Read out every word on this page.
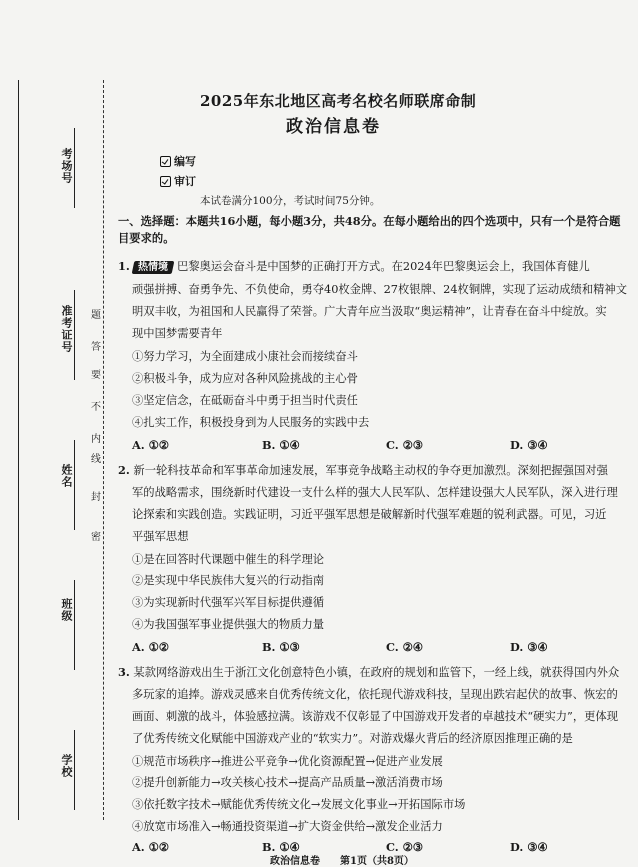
考场号
准考证号
姓名
班级
学校
密
封
线
内
不
要
答
题
2025年东北地区高考名校名师联席命制
政治信息卷
编写
审订
本试卷满分100分，考试时间75分钟。
一、选择题：本题共16小题，每小题3分，共48分。在每小题给出的四个选项中，只有一个是符合题
目要求的。
1. 热情境 巴黎奥运会奋斗是中国梦的正确打开方式。在2024年巴黎奥运会上，我国体育健儿
顽强拼搏、奋勇争先、不负使命，勇夺40枚金牌、27枚银牌、24枚铜牌，实现了运动成绩和精神文
明双丰收，为祖国和人民赢得了荣誉。广大青年应当汲取“奥运精神”，让青春在奋斗中绽放。实
现中国梦需要青年
①努力学习，为全面建成小康社会而接续奋斗
②积极斗争，成为应对各种风险挑战的主心骨
③坚定信念，在砥砺奋斗中勇于担当时代责任
④扎实工作，积极投身到为人民服务的实践中去
A. ①②	B. ①④	C. ②③	D. ③④
2. 新一轮科技革命和军事革命加速发展，军事竞争战略主动权的争夺更加激烈。深刻把握强国对强
军的战略需求，围绕新时代建设一支什么样的强大人民军队、怎样建设强大人民军队，深入进行理
论探索和实践创造。实践证明，习近平强军思想是破解新时代强军难题的锐利武器。可见，习近
平强军思想
①是在回答时代课题中催生的科学理论
②是实现中华民族伟大复兴的行动指南
③为实现新时代强军兴军目标提供遵循
④为我国强军事业提供强大的物质力量
A. ①②	B. ①③	C. ②④	D. ③④
3. 某款网络游戏出生于浙江文化创意特色小镇，在政府的规划和监管下，一经上线，就获得国内外众
多玩家的追捧。游戏灵感来自优秀传统文化，依托现代游戏科技，呈现出跌宕起伏的故事、恢宏的
画面、刺激的战斗，体验感拉满。该游戏不仅彰显了中国游戏开发者的卓越技术“硬实力”，更体现
了优秀传统文化赋能中国游戏产业的“软实力”。对游戏爆火背后的经济原因推理正确的是
①规范市场秩序→推进公平竞争→优化资源配置→促进产业发展
②提升创新能力→攻关核心技术→提高产品质量→激活消费市场
③依托数字技术→赋能优秀传统文化→发展文化事业→开拓国际市场
④放宽市场准入→畅通投资渠道→扩大资金供给→激发企业活力
A. ①②	B. ①④	C. ②③	D. ③④
政治信息卷　　第1页（共8页）
